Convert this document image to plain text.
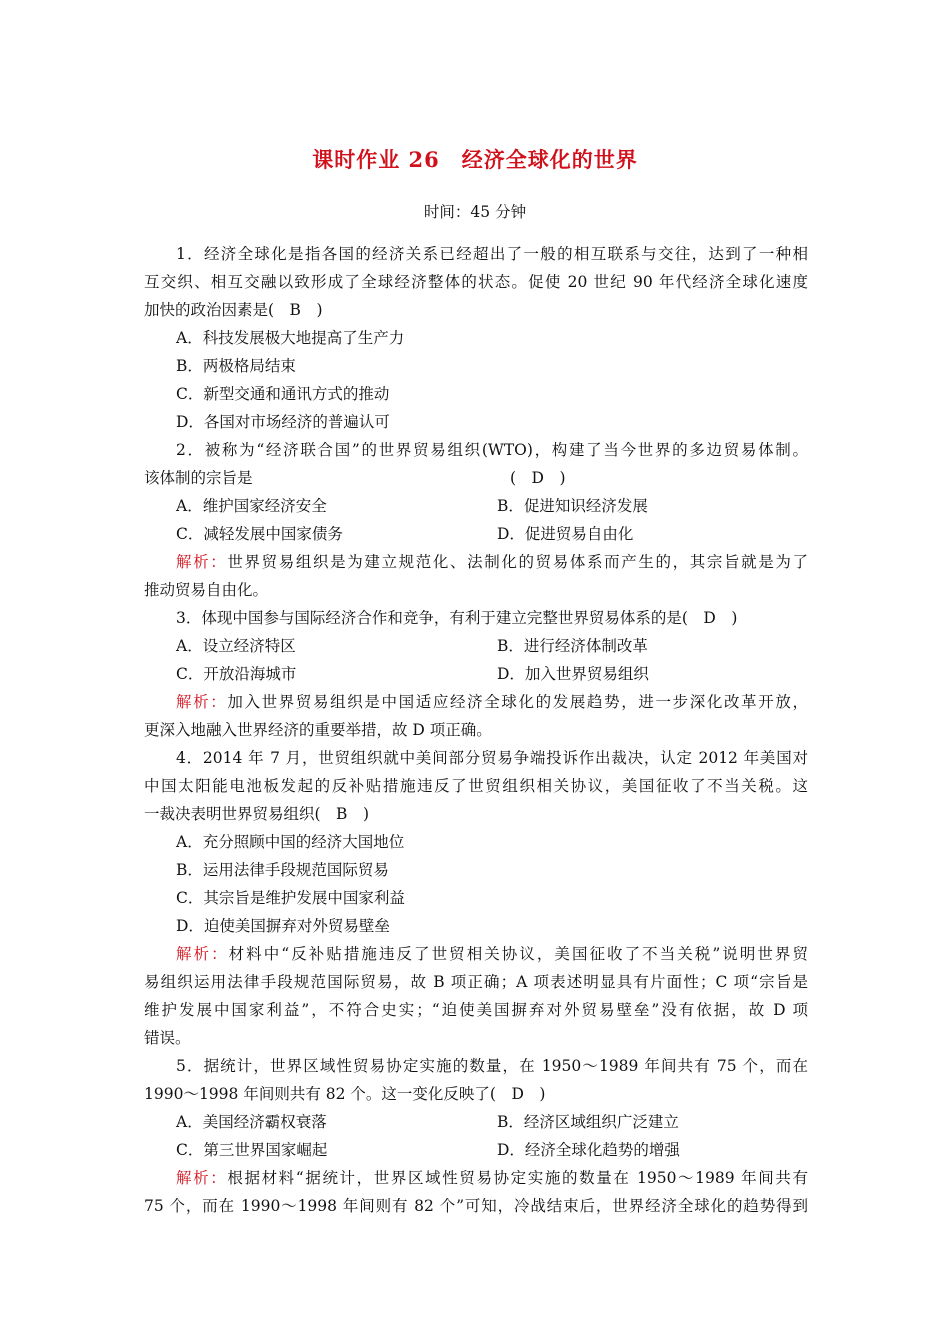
课时作业 26　经济全球化的世界
时间：45 分钟
1．经济全球化是指各国的经济关系已经超出了一般的相互联系与交往，达到了一种相
互交织、相互交融以致形成了全球经济整体的状态。促使 20 世纪 90 年代经济全球化速度
加快的政治因素是(　B　)
A．科技发展极大地提高了生产力
B．两极格局结束
C．新型交通和通讯方式的推动
D．各国对市场经济的普遍认可
2．被称为“经济联合国”的世界贸易组织(WTO)，构建了当今世界的多边贸易体制。
该体制的宗旨是	(　D　)
A．维护国家经济安全	B．促进知识经济发展
C．减轻发展中国家债务	D．促进贸易自由化
解析：世界贸易组织是为建立规范化、法制化的贸易体系而产生的，其宗旨就是为了
推动贸易自由化。
3．体现中国参与国际经济合作和竞争，有利于建立完整世界贸易体系的是(　D　)
A．设立经济特区	B．进行经济体制改革
C．开放沿海城市	D．加入世界贸易组织
解析：加入世界贸易组织是中国适应经济全球化的发展趋势，进一步深化改革开放，
更深入地融入世界经济的重要举措，故 D 项正确。
4．2014 年 7 月，世贸组织就中美间部分贸易争端投诉作出裁决，认定 2012 年美国对
中国太阳能电池板发起的反补贴措施违反了世贸组织相关协议，美国征收了不当关税。这
一裁决表明世界贸易组织(　B　)
A．充分照顾中国的经济大国地位
B．运用法律手段规范国际贸易
C．其宗旨是维护发展中国家利益
D．迫使美国摒弃对外贸易壁垒
解析：材料中“反补贴措施违反了世贸相关协议，美国征收了不当关税”说明世界贸
易组织运用法律手段规范国际贸易，故 B 项正确；A 项表述明显具有片面性；C 项“宗旨是
维护发展中国家利益”，不符合史实；“迫使美国摒弃对外贸易壁垒”没有依据，故 D 项
错误。
5．据统计，世界区域性贸易协定实施的数量，在 1950～1989 年间共有 75 个，而在
1990～1998 年间则共有 82 个。这一变化反映了(　D　)
A．美国经济霸权衰落	B．经济区域组织广泛建立
C．第三世界国家崛起	D．经济全球化趋势的增强
解析：根据材料“据统计，世界区域性贸易协定实施的数量在 1950～1989 年间共有
75 个，而在 1990～1998 年间则有 82 个”可知，冷战结束后，世界经济全球化的趋势得到
